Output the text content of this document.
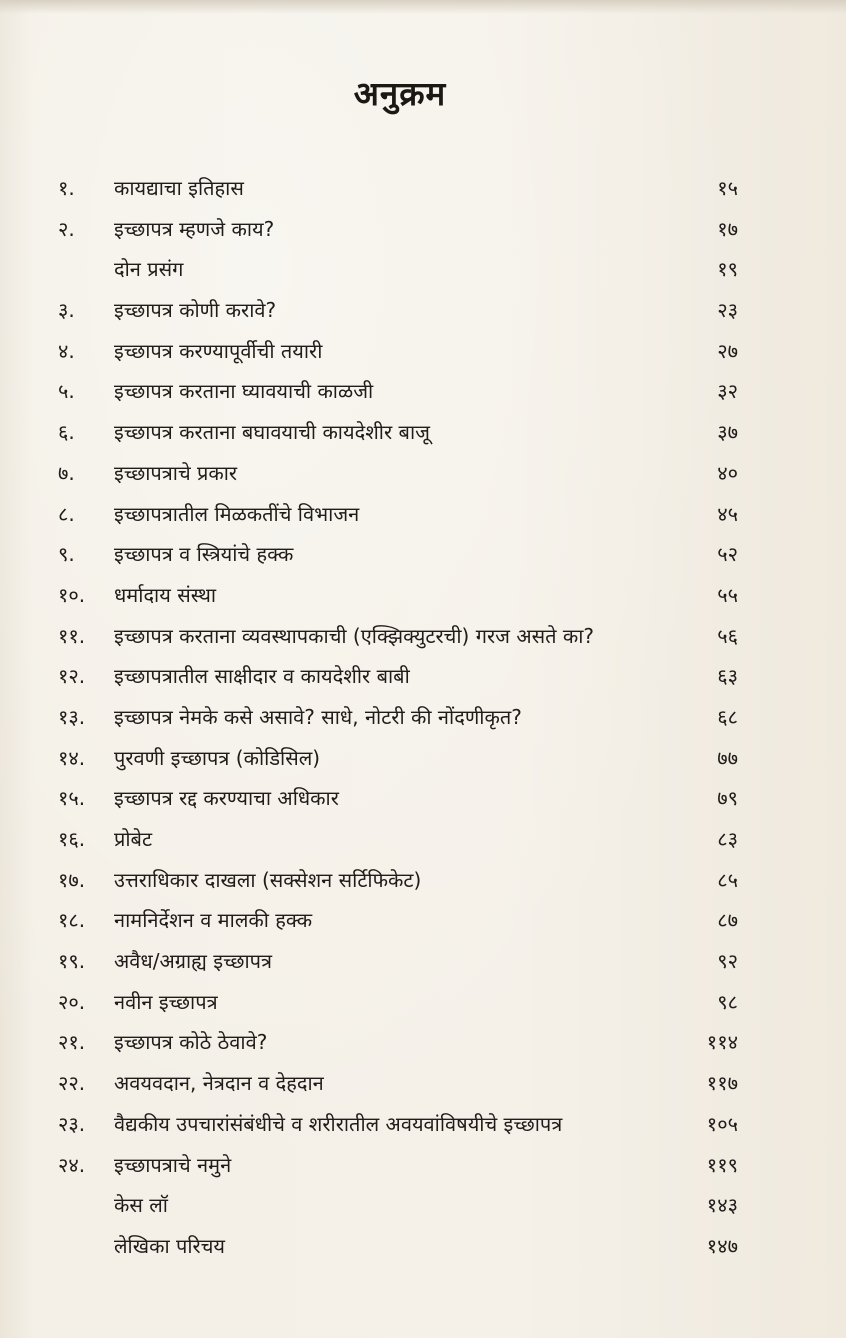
अनुक्रम
१.	कायद्याचा इतिहास	१५
२.	इच्छापत्र म्हणजे काय?	१७
दोन प्रसंग	१९
३.	इच्छापत्र कोणी करावे?	२३
४.	इच्छापत्र करण्यापूर्वीची तयारी	२७
५.	इच्छापत्र करताना घ्यावयाची काळजी	३२
६.	इच्छापत्र करताना बघावयाची कायदेशीर बाजू	३७
७.	इच्छापत्राचे प्रकार	४०
८.	इच्छापत्रातील मिळकतींचे विभाजन	४५
९.	इच्छापत्र व स्त्रियांचे हक्क	५२
१०.	धर्मादाय संस्था	५५
११.	इच्छापत्र करताना व्यवस्थापकाची (एक्झिक्युटरची) गरज असते का?	५६
१२.	इच्छापत्रातील साक्षीदार व कायदेशीर बाबी	६३
१३.	इच्छापत्र नेमके कसे असावे? साधे, नोटरी की नोंदणीकृत?	६८
१४.	पुरवणी इच्छापत्र (कोडिसिल)	७७
१५.	इच्छापत्र रद्द करण्याचा अधिकार	७९
१६.	प्रोबेट	८३
१७.	उत्तराधिकार दाखला (सक्सेशन सर्टिफिकेट)	८५
१८.	नामनिर्देशन व मालकी हक्क	८७
१९.	अवैध/अग्राह्य इच्छापत्र	९२
२०.	नवीन इच्छापत्र	९८
२१.	इच्छापत्र कोठे ठेवावे?	११४
२२.	अवयवदान, नेत्रदान व देहदान	११७
२३.	वैद्यकीय उपचारांसंबंधीचे व शरीरातील अवयवांविषयीचे इच्छापत्र	१०५
२४.	इच्छापत्राचे नमुने	११९
केस लॉ	१४३
लेखिका परिचय	१४७
